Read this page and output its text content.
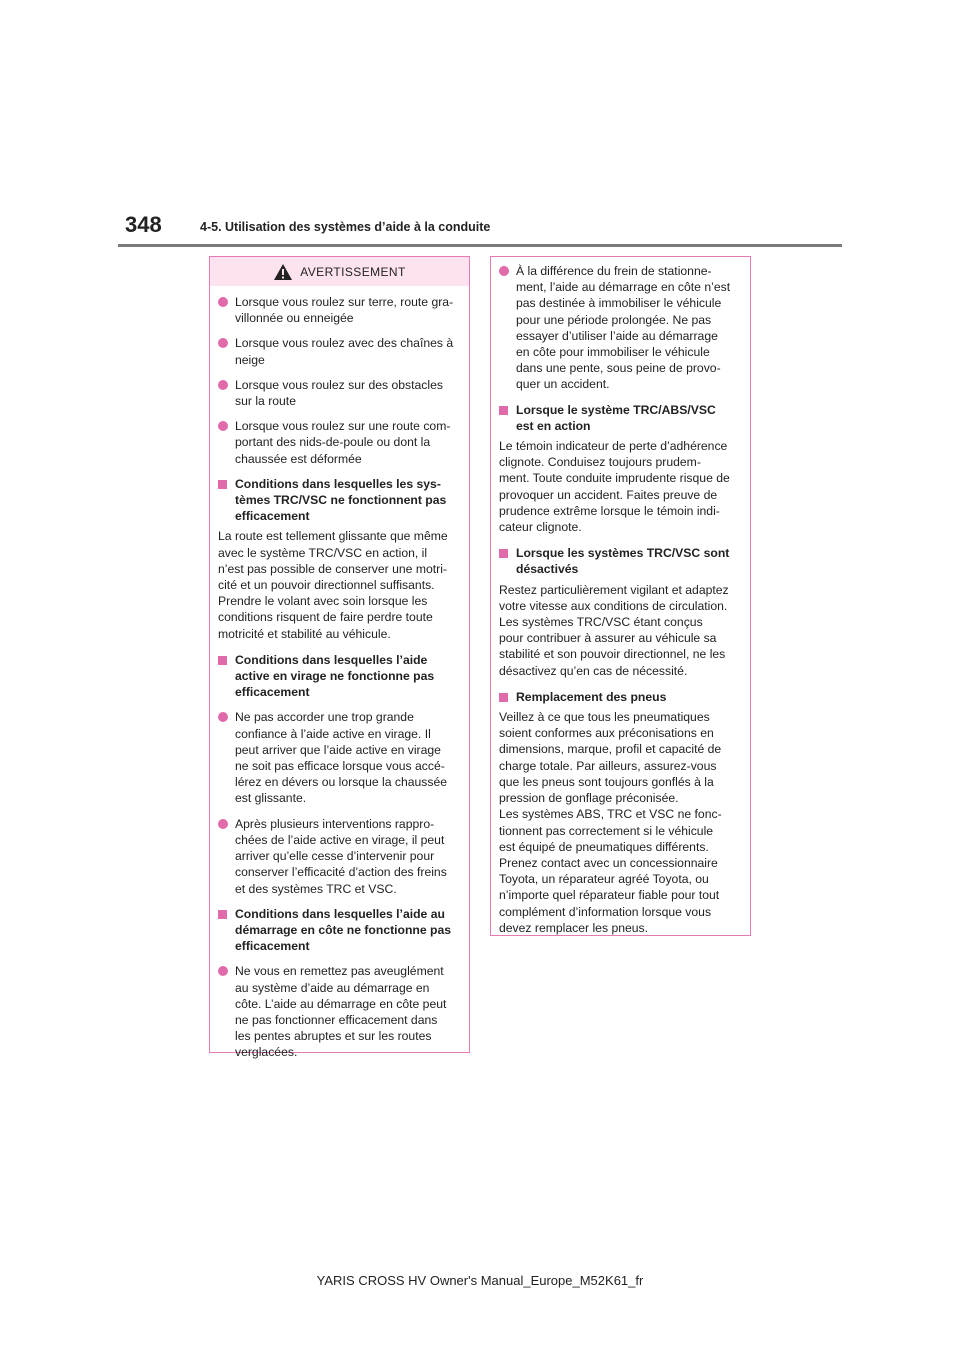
348	4-5. Utilisation des systèmes d’aide à la conduite
AVERTISSEMENT
Lorsque vous roulez sur terre, route gra-
villonnée ou enneigée
Lorsque vous roulez avec des chaînes à
neige
Lorsque vous roulez sur des obstacles
sur la route
Lorsque vous roulez sur une route com-
portant des nids-de-poule ou dont la
chaussée est déformée
Conditions dans lesquelles les sys-
tèmes TRC/VSC ne fonctionnent pas
efficacement
La route est tellement glissante que même
avec le système TRC/VSC en action, il
n’est pas possible de conserver une motri-
cité et un pouvoir directionnel suffisants.
Prendre le volant avec soin lorsque les
conditions risquent de faire perdre toute
motricité et stabilité au véhicule.
Conditions dans lesquelles l’aide
active en virage ne fonctionne pas
efficacement
Ne pas accorder une trop grande
confiance à l’aide active en virage. Il
peut arriver que l’aide active en virage
ne soit pas efficace lorsque vous accé-
lérez en dévers ou lorsque la chaussée
est glissante.
Après plusieurs interventions rappro-
chées de l’aide active en virage, il peut
arriver qu’elle cesse d’intervenir pour
conserver l’efficacité d’action des freins
et des systèmes TRC et VSC.
Conditions dans lesquelles l’aide au
démarrage en côte ne fonctionne pas
efficacement
Ne vous en remettez pas aveuglément
au système d’aide au démarrage en
côte. L’aide au démarrage en côte peut
ne pas fonctionner efficacement dans
les pentes abruptes et sur les routes
verglacées.
À la différence du frein de stationne-
ment, l’aide au démarrage en côte n’est
pas destinée à immobiliser le véhicule
pour une période prolongée. Ne pas
essayer d’utiliser l’aide au démarrage
en côte pour immobiliser le véhicule
dans une pente, sous peine de provo-
quer un accident.
Lorsque le système TRC/ABS/VSC
est en action
Le témoin indicateur de perte d’adhérence
clignote. Conduisez toujours prudem-
ment. Toute conduite imprudente risque de
provoquer un accident. Faites preuve de
prudence extrême lorsque le témoin indi-
cateur clignote.
Lorsque les systèmes TRC/VSC sont
désactivés
Restez particulièrement vigilant et adaptez
votre vitesse aux conditions de circulation.
Les systèmes TRC/VSC étant conçus
pour contribuer à assurer au véhicule sa
stabilité et son pouvoir directionnel, ne les
désactivez qu’en cas de nécessité.
Remplacement des pneus
Veillez à ce que tous les pneumatiques
soient conformes aux préconisations en
dimensions, marque, profil et capacité de
charge totale. Par ailleurs, assurez-vous
que les pneus sont toujours gonflés à la
pression de gonflage préconisée.
Les systèmes ABS, TRC et VSC ne fonc-
tionnent pas correctement si le véhicule
est équipé de pneumatiques différents.
Prenez contact avec un concessionnaire
Toyota, un réparateur agréé Toyota, ou
n’importe quel réparateur fiable pour tout
complément d’information lorsque vous
devez remplacer les pneus.
YARIS CROSS HV Owner's Manual_Europe_M52K61_fr
